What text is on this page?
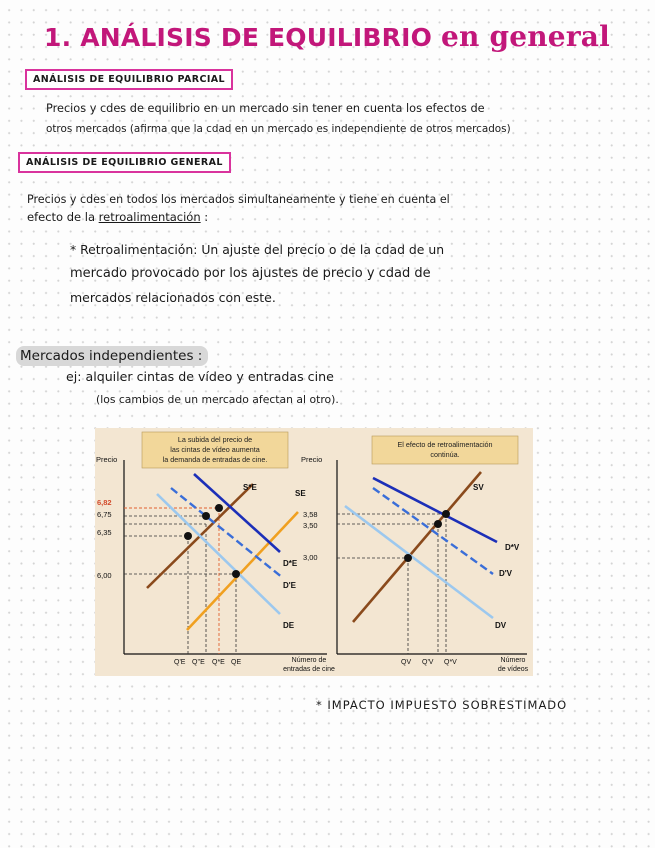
1. ANÁLISIS DE EQUILIBRIO en general
ANÁLISIS DE EQUILIBRIO PARCIAL
Precios y cdes de equilibrio en un mercado sin tener en cuenta los efectos de
otros mercados (afirma que la cdad en un mercado es independiente de otros mercados)
ANÁLISIS DE EQUILIBRIO GENERAL
Precios y cdes en todos los mercados simultaneamente y tiene en cuenta el
efecto de la retroalimentación :
* Retroalimentación: Un ajuste del precio o de la cdad de un
mercado provocado por los ajustes de precio y cdad de
mercados relacionados con este.
Mercados independientes :
ej: alquiler cintas de vídeo y entradas cine
(los cambios de un mercado afectan al otro).
La subida del precio de
las cintas de vídeo aumenta
la demanda de entradas de cine.
Precio
Número de
entradas de cine
6,82
6,75
6,35
6,00
Q'E Q''E Q*E QE
S*E
SE
D*E
D'E
DE
El efecto de retroalimentación
continúa.
Precio
Número
de vídeos
3,58
3,50
3,00
QV Q'V Q*V
SV
D*V
D'V
DV
* IMPACTO IMPUESTO SOBRESTIMADO
